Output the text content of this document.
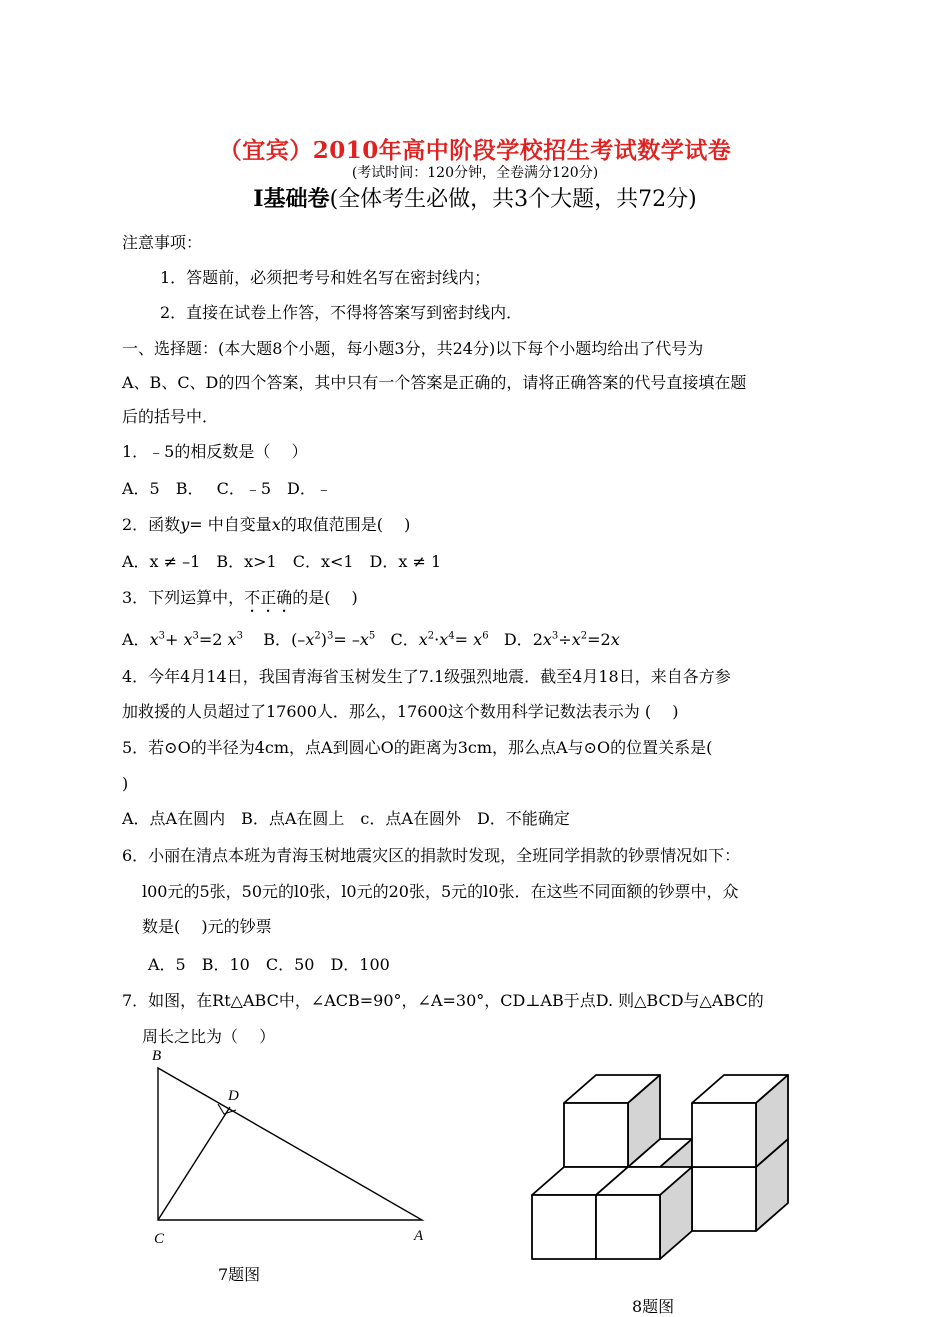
（宜宾）2010年高中阶段学校招生考试数学试卷
(考试时间：120分钟，全卷满分120分)
Ⅰ基础卷(全体考生必做，共3个大题，共72分)
注意事项：
1．答题前，必须把考号和姓名写在密封线内；
2．直接在试卷上作答，不得将答案写到密封线内．
一、选择题：(本大题8个小题，每小题3分，共24分)以下每个小题均给出了代号为
A、B、C、D的四个答案，其中只有一个答案是正确的，请将正确答案的代号直接填在题
后的括号中．
1．﹣5的相反数是（　 ）
A．5　B．　 C．﹣5　D．﹣
2．函数y= 中自变量x的取值范围是(　 )
A．x ≠ –1　B．x>1　C．x<1　D．x ≠ 1
3．下列运算中，不正确的是(　 )
A．$x^3+ x^3=2$ $x^3$ B．$(-x^2)^3= -x^5$ C．$x^2\cdot x^4= x^6$ D．$2x^3\div x^2=2x$
4．今年4月14日，我国青海省玉树发生了7.1级强烈地震．截至4月18日，来自各方参
加救援的人员超过了17600人．那么，17600这个数用科学记数法表示为 (　 )
5．若⊙O的半径为4cm，点A到圆心O的距离为3cm，那么点A与⊙O的位置关系是(
)
A．点A在圆内　B．点A在圆上　c．点A在圆外　D．不能确定
6．小丽在清点本班为青海玉树地震灾区的捐款时发现，全班同学捐款的钞票情况如下：
l00元的5张，50元的l0张，l0元的20张，5元的l0张．在这些不同面额的钞票中，众
数是(　 )元的钞票
A．5　B．10　C．50　D．100
7．如图，在Rt△ABC中，∠ACB=90°，∠A=30°，CD⊥AB于点D. 则△BCD与△ABC的
周长之比为（　 ）
B
D
C	A
7题图
8题图
